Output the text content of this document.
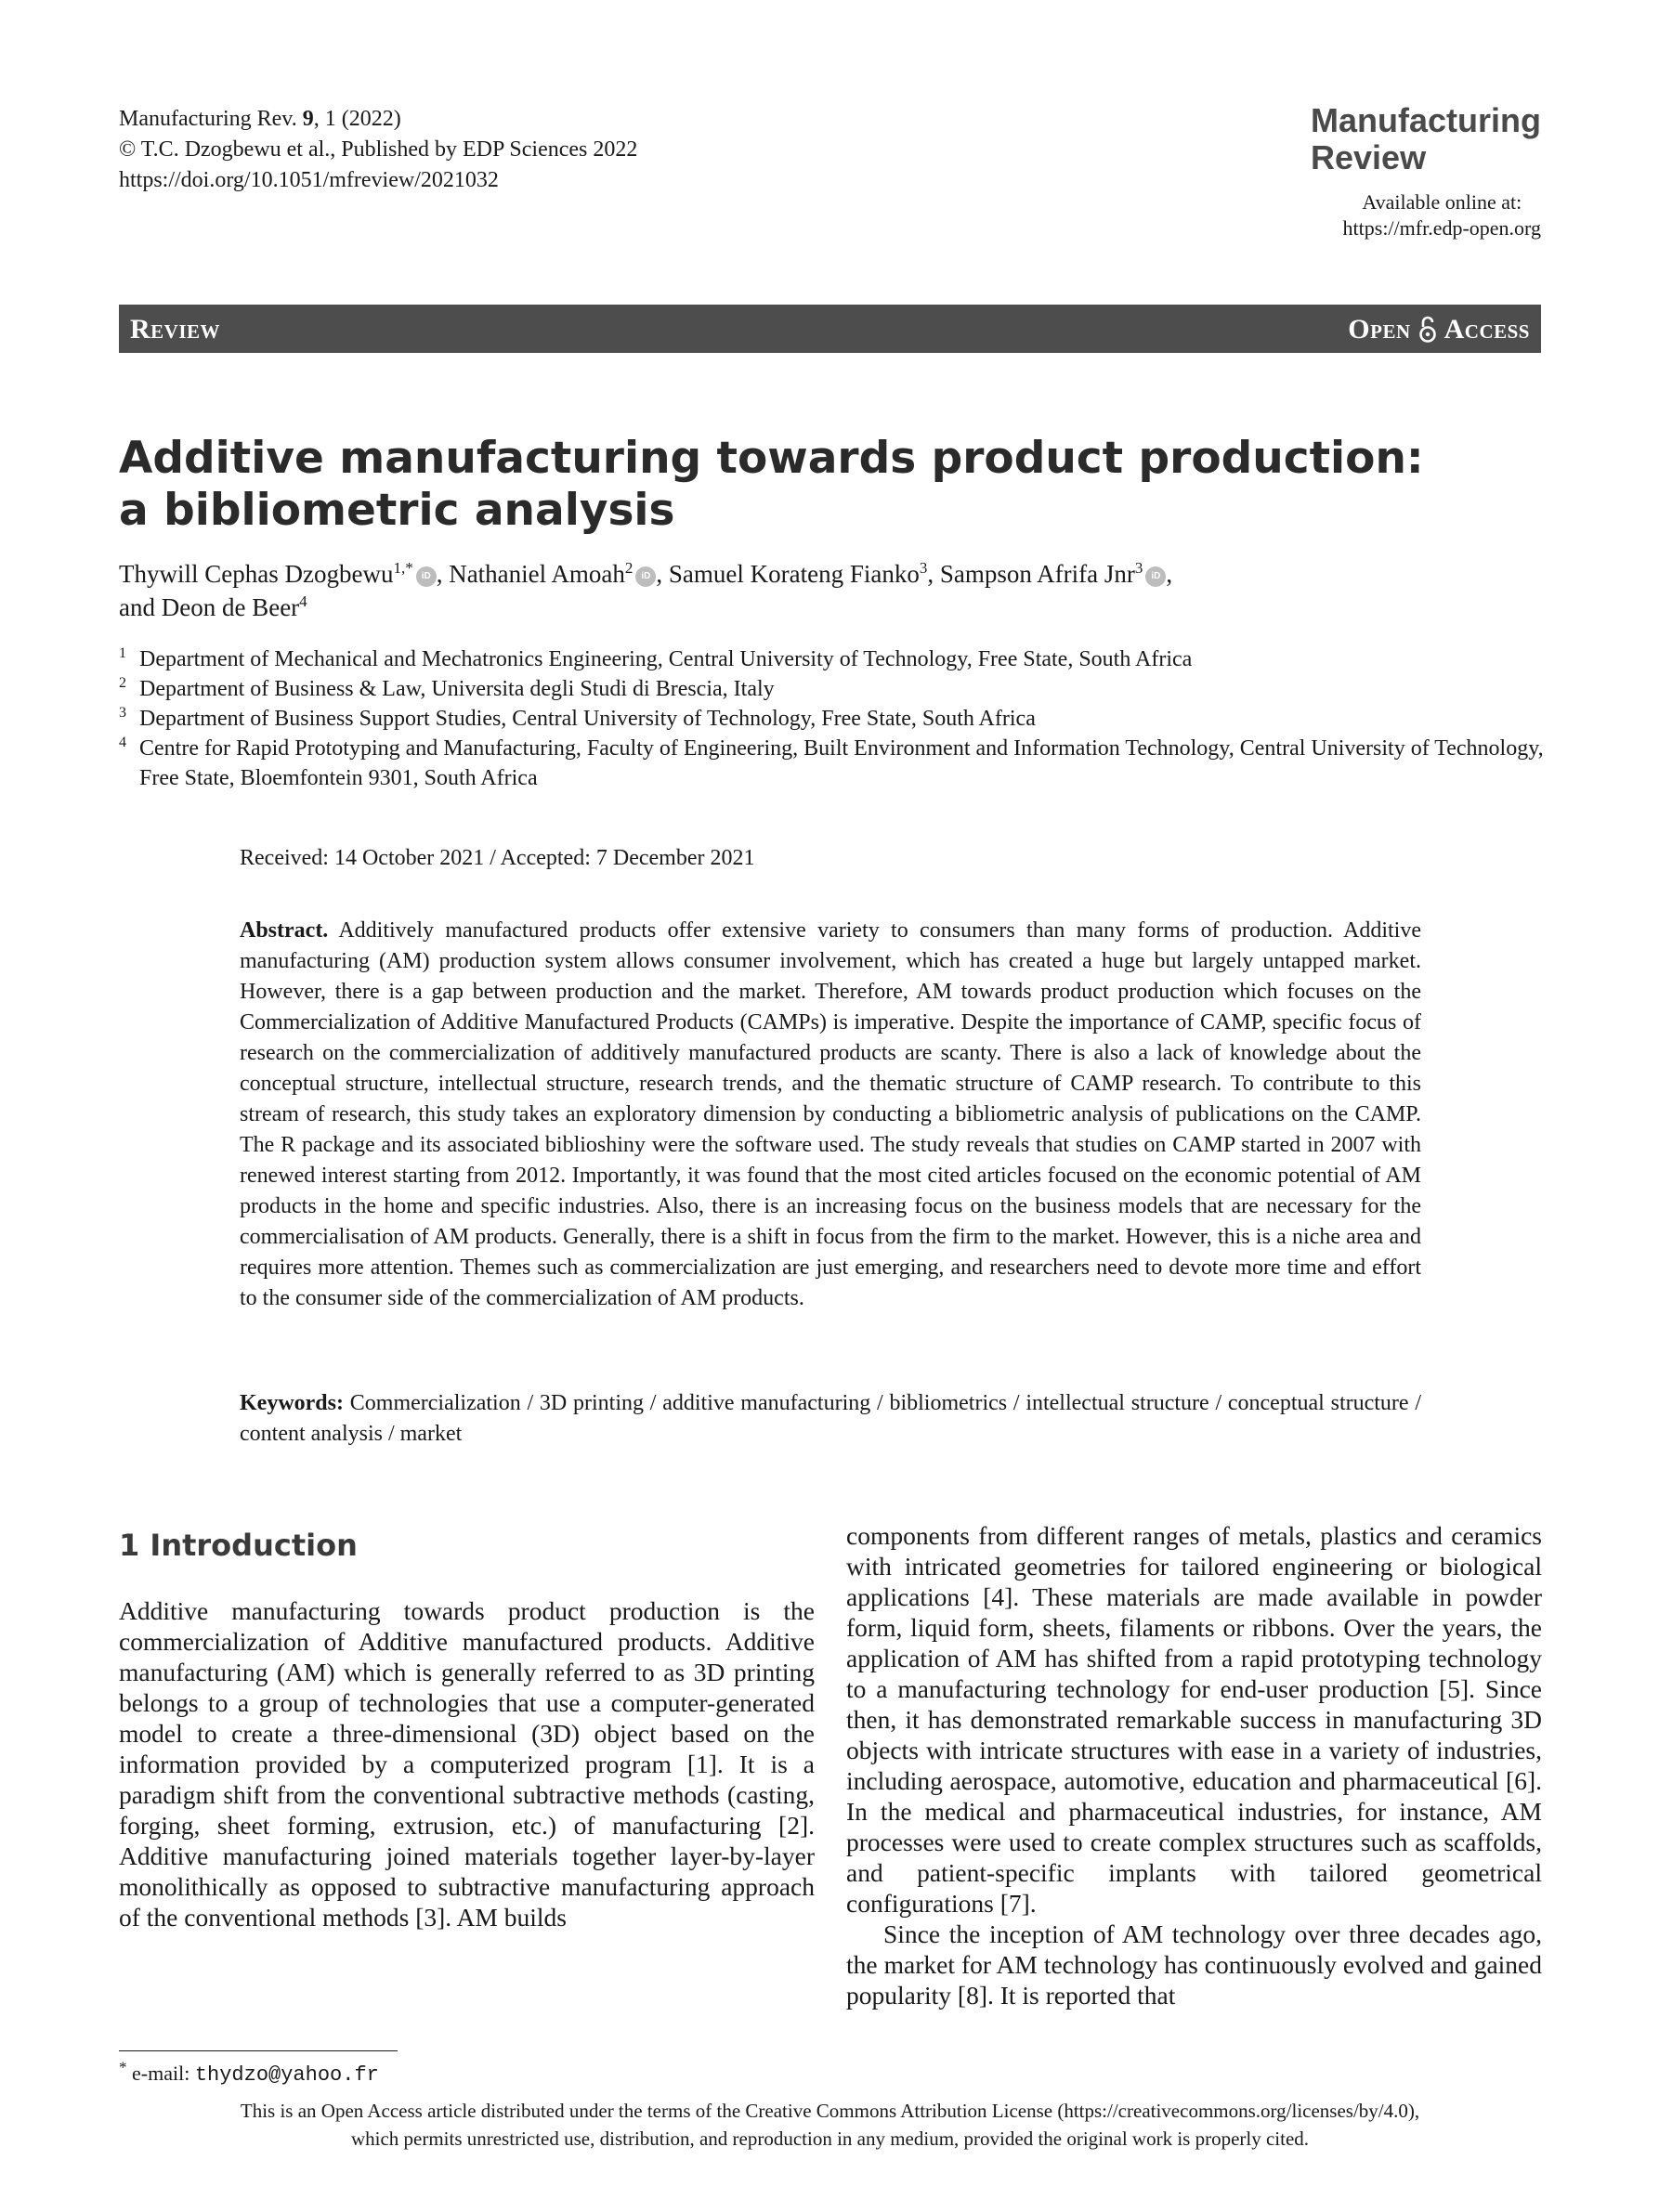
Manufacturing Rev. 9, 1 (2022)
© T.C. Dzogbewu et al., Published by EDP Sciences 2022
https://doi.org/10.1051/mfreview/2021032
Manufacturing
Review
Available online at:
https://mfr.edp-open.org
Review	Open Access
Additive manufacturing towards product production:
a bibliometric analysis
Thywill Cephas Dzogbewu$^{1,*}$ iD , Nathaniel Amoah$^2$ iD , Samuel Korateng Fianko$^3$, Sampson Afrifa Jnr$^3$ iD ,
and Deon de Beer$^4$
1 Department of Mechanical and Mechatronics Engineering, Central University of Technology, Free State, South Africa
2 Department of Business & Law, Universita degli Studi di Brescia, Italy
3 Department of Business Support Studies, Central University of Technology, Free State, South Africa
4 Centre for Rapid Prototyping and Manufacturing, Faculty of Engineering, Built Environment and Information Technology, Central University of Technology, Free State, Bloemfontein 9301, South Africa
Received: 14 October 2021 / Accepted: 7 December 2021
Abstract. Additively manufactured products offer extensive variety to consumers than many forms of production. Additive manufacturing (AM) production system allows consumer involvement, which has created a huge but largely untapped market. However, there is a gap between production and the market. Therefore, AM towards product production which focuses on the Commercialization of Additive Manufactured Products (CAMPs) is imperative. Despite the importance of CAMP, specific focus of research on the commercialization of additively manufactured products are scanty. There is also a lack of knowledge about the conceptual structure, intellectual structure, research trends, and the thematic structure of CAMP research. To contribute to this stream of research, this study takes an exploratory dimension by conducting a bibliometric analysis of publications on the CAMP. The R package and its associated biblioshiny were the software used. The study reveals that studies on CAMP started in 2007 with renewed interest starting from 2012. Importantly, it was found that the most cited articles focused on the economic potential of AM products in the home and specific industries. Also, there is an increasing focus on the business models that are necessary for the commercialisation of AM products. Generally, there is a shift in focus from the firm to the market. However, this is a niche area and requires more attention. Themes such as commercialization are just emerging, and researchers need to devote more time and effort to the consumer side of the commercialization of AM products.
Keywords: Commercialization / 3D printing / additive manufacturing / bibliometrics / intellectual structure / conceptual structure / content analysis / market
1 Introduction

Additive manufacturing towards product production is the commercialization of Additive manufactured products. Additive manufacturing (AM) which is generally referred to as 3D printing belongs to a group of technologies that use a computer-generated model to create a three-dimensional (3D) object based on the information provided by a computerized program [1]. It is a paradigm shift from the conventional subtractive methods (casting, forging, sheet forming, extrusion, etc.) of manufacturing [2]. Additive manufacturing joined materials together layer-by-layer monolithically as opposed to subtractive manufacturing approach of the conventional methods [3]. AM builds

components from different ranges of metals, plastics and ceramics with intricated geometries for tailored engineering or biological applications [4]. These materials are made available in powder form, liquid form, sheets, filaments or ribbons. Over the years, the application of AM has shifted from a rapid prototyping technology to a manufacturing technology for end-user production [5]. Since then, it has demonstrated remarkable success in manufacturing 3D objects with intricate structures with ease in a variety of industries, including aerospace, automotive, education and pharmaceutical [6]. In the medical and pharmaceutical industries, for instance, AM processes were used to create complex structures such as scaffolds, and patient-specific implants with tailored geometrical configurations [7].

Since the inception of AM technology over three decades ago, the market for AM technology has continuously evolved and gained popularity [8]. It is reported that

* e-mail: thydzo@yahoo.fr
This is an Open Access article distributed under the terms of the Creative Commons Attribution License (https://creativecommons.org/licenses/by/4.0),
which permits unrestricted use, distribution, and reproduction in any medium, provided the original work is properly cited.
